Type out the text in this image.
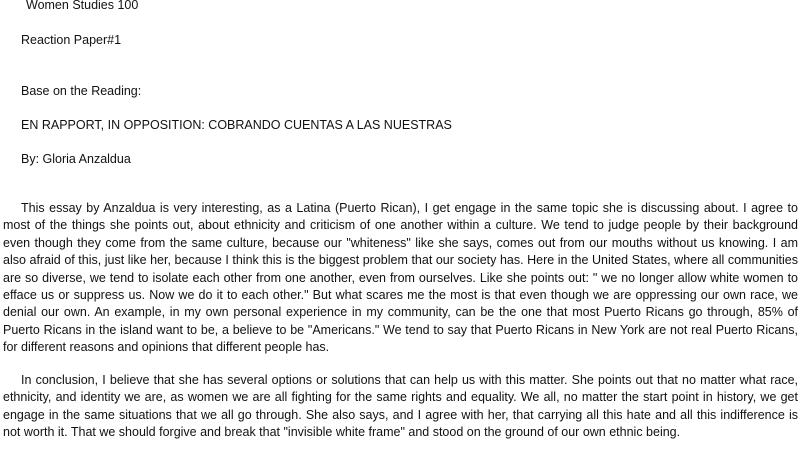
Women Studies 100
Reaction Paper#1
Base on the Reading:
EN RAPPORT, IN OPPOSITION: COBRANDO CUENTAS A LAS NUESTRAS
By: Gloria Anzaldua

This essay by Anzaldua is very interesting, as a Latina (Puerto Rican), I get engage in the same topic she is discussing about. I agree to most of the things she points out, about ethnicity and criticism of one another within a culture. We tend to judge people by their background even though they come from the same culture, because our "whiteness" like she says, comes out from our mouths without us knowing. I am also afraid of this, just like her, because I think this is the biggest problem that our society has. Here in the United States, where all communities are so diverse, we tend to isolate each other from one another, even from ourselves. Like she points out: " we no longer allow white women to efface us or suppress us. Now we do it to each other." But what scares me the most is that even though we are oppressing our own race, we denial our own. An example, in my own personal experience in my community, can be the one that most Puerto Ricans go through, 85% of Puerto Ricans in the island want to be, a believe to be "Americans." We tend to say that Puerto Ricans in New York are not real Puerto Ricans, for different reasons and opinions that different people has.

In conclusion, I believe that she has several options or solutions that can help us with this matter. She points out that no matter what race, ethnicity, and identity we are, as women we are all fighting for the same rights and equality. We all, no matter the start point in history, we get engage in the same situations that we all go through. She also says, and I agree with her, that carrying all this hate and all this indifference is not worth it. That we should forgive and break that "invisible white frame" and stood on the ground of our own ethnic being.
